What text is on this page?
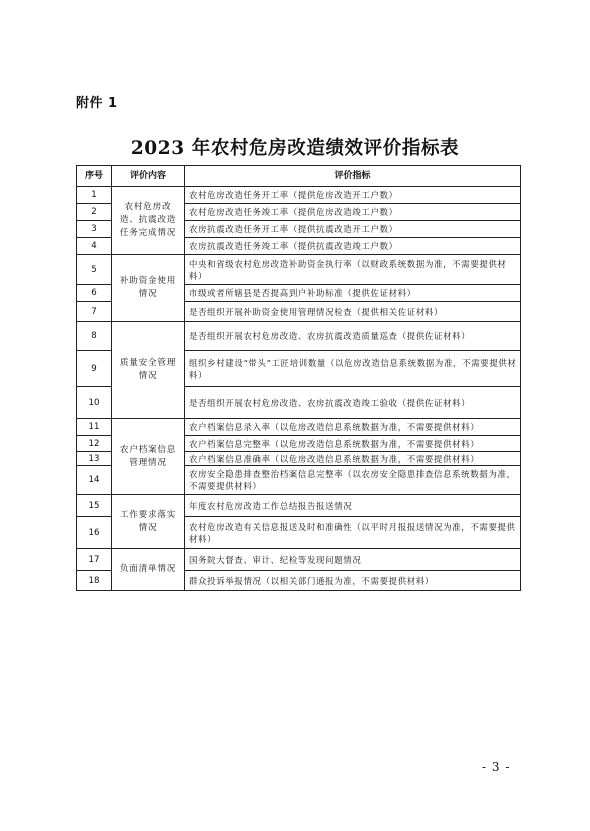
附件 1
2023 年农村危房改造绩效评价指标表
序号	评价内容	评价指标
1	农村危房改造、抗震改造任务完成情况	农村危房改造任务开工率（提供危房改造开工户数）
2		农村危房改造任务竣工率（提供危房改造竣工户数）
3		农房抗震改造任务开工率（提供抗震改造开工户数）
4		农房抗震改造任务竣工率（提供抗震改造竣工户数）
5	补助资金使用情况	中央和省级农村危房改造补助资金执行率（以财政系统数据为准，不需要提供材料）
6		市级或者所辖县是否提高到户补助标准（提供佐证材料）
7		是否组织开展补助资金使用管理情况检查（提供相关佐证材料）
8	质量安全管理情况	是否组织开展农村危房改造、农房抗震改造质量巡查（提供佐证材料）
9		组织乡村建设“带头”工匠培训数量（以危房改造信息系统数据为准，不需要提供材料）
10		是否组织开展农村危房改造、农房抗震改造竣工验收（提供佐证材料）
11	农户档案信息管理情况	农户档案信息录入率（以危房改造信息系统数据为准，不需要提供材料）
12		农户档案信息完整率（以危房改造信息系统数据为准，不需要提供材料）
13		农户档案信息准确率（以危房改造信息系统数据为准，不需要提供材料）
14		农房安全隐患排查整治档案信息完整率（以农房安全隐患排查信息系统数据为准，不需要提供材料）
15	工作要求落实情况	年度农村危房改造工作总结报告报送情况
16		农村危房改造有关信息报送及时和准确性（以平时月报报送情况为准，不需要提供材料）
17	负面清单情况	国务院大督查、审计、纪检等发现问题情况
18		群众投诉举报情况（以相关部门通报为准，不需要提供材料）
- 3 -
